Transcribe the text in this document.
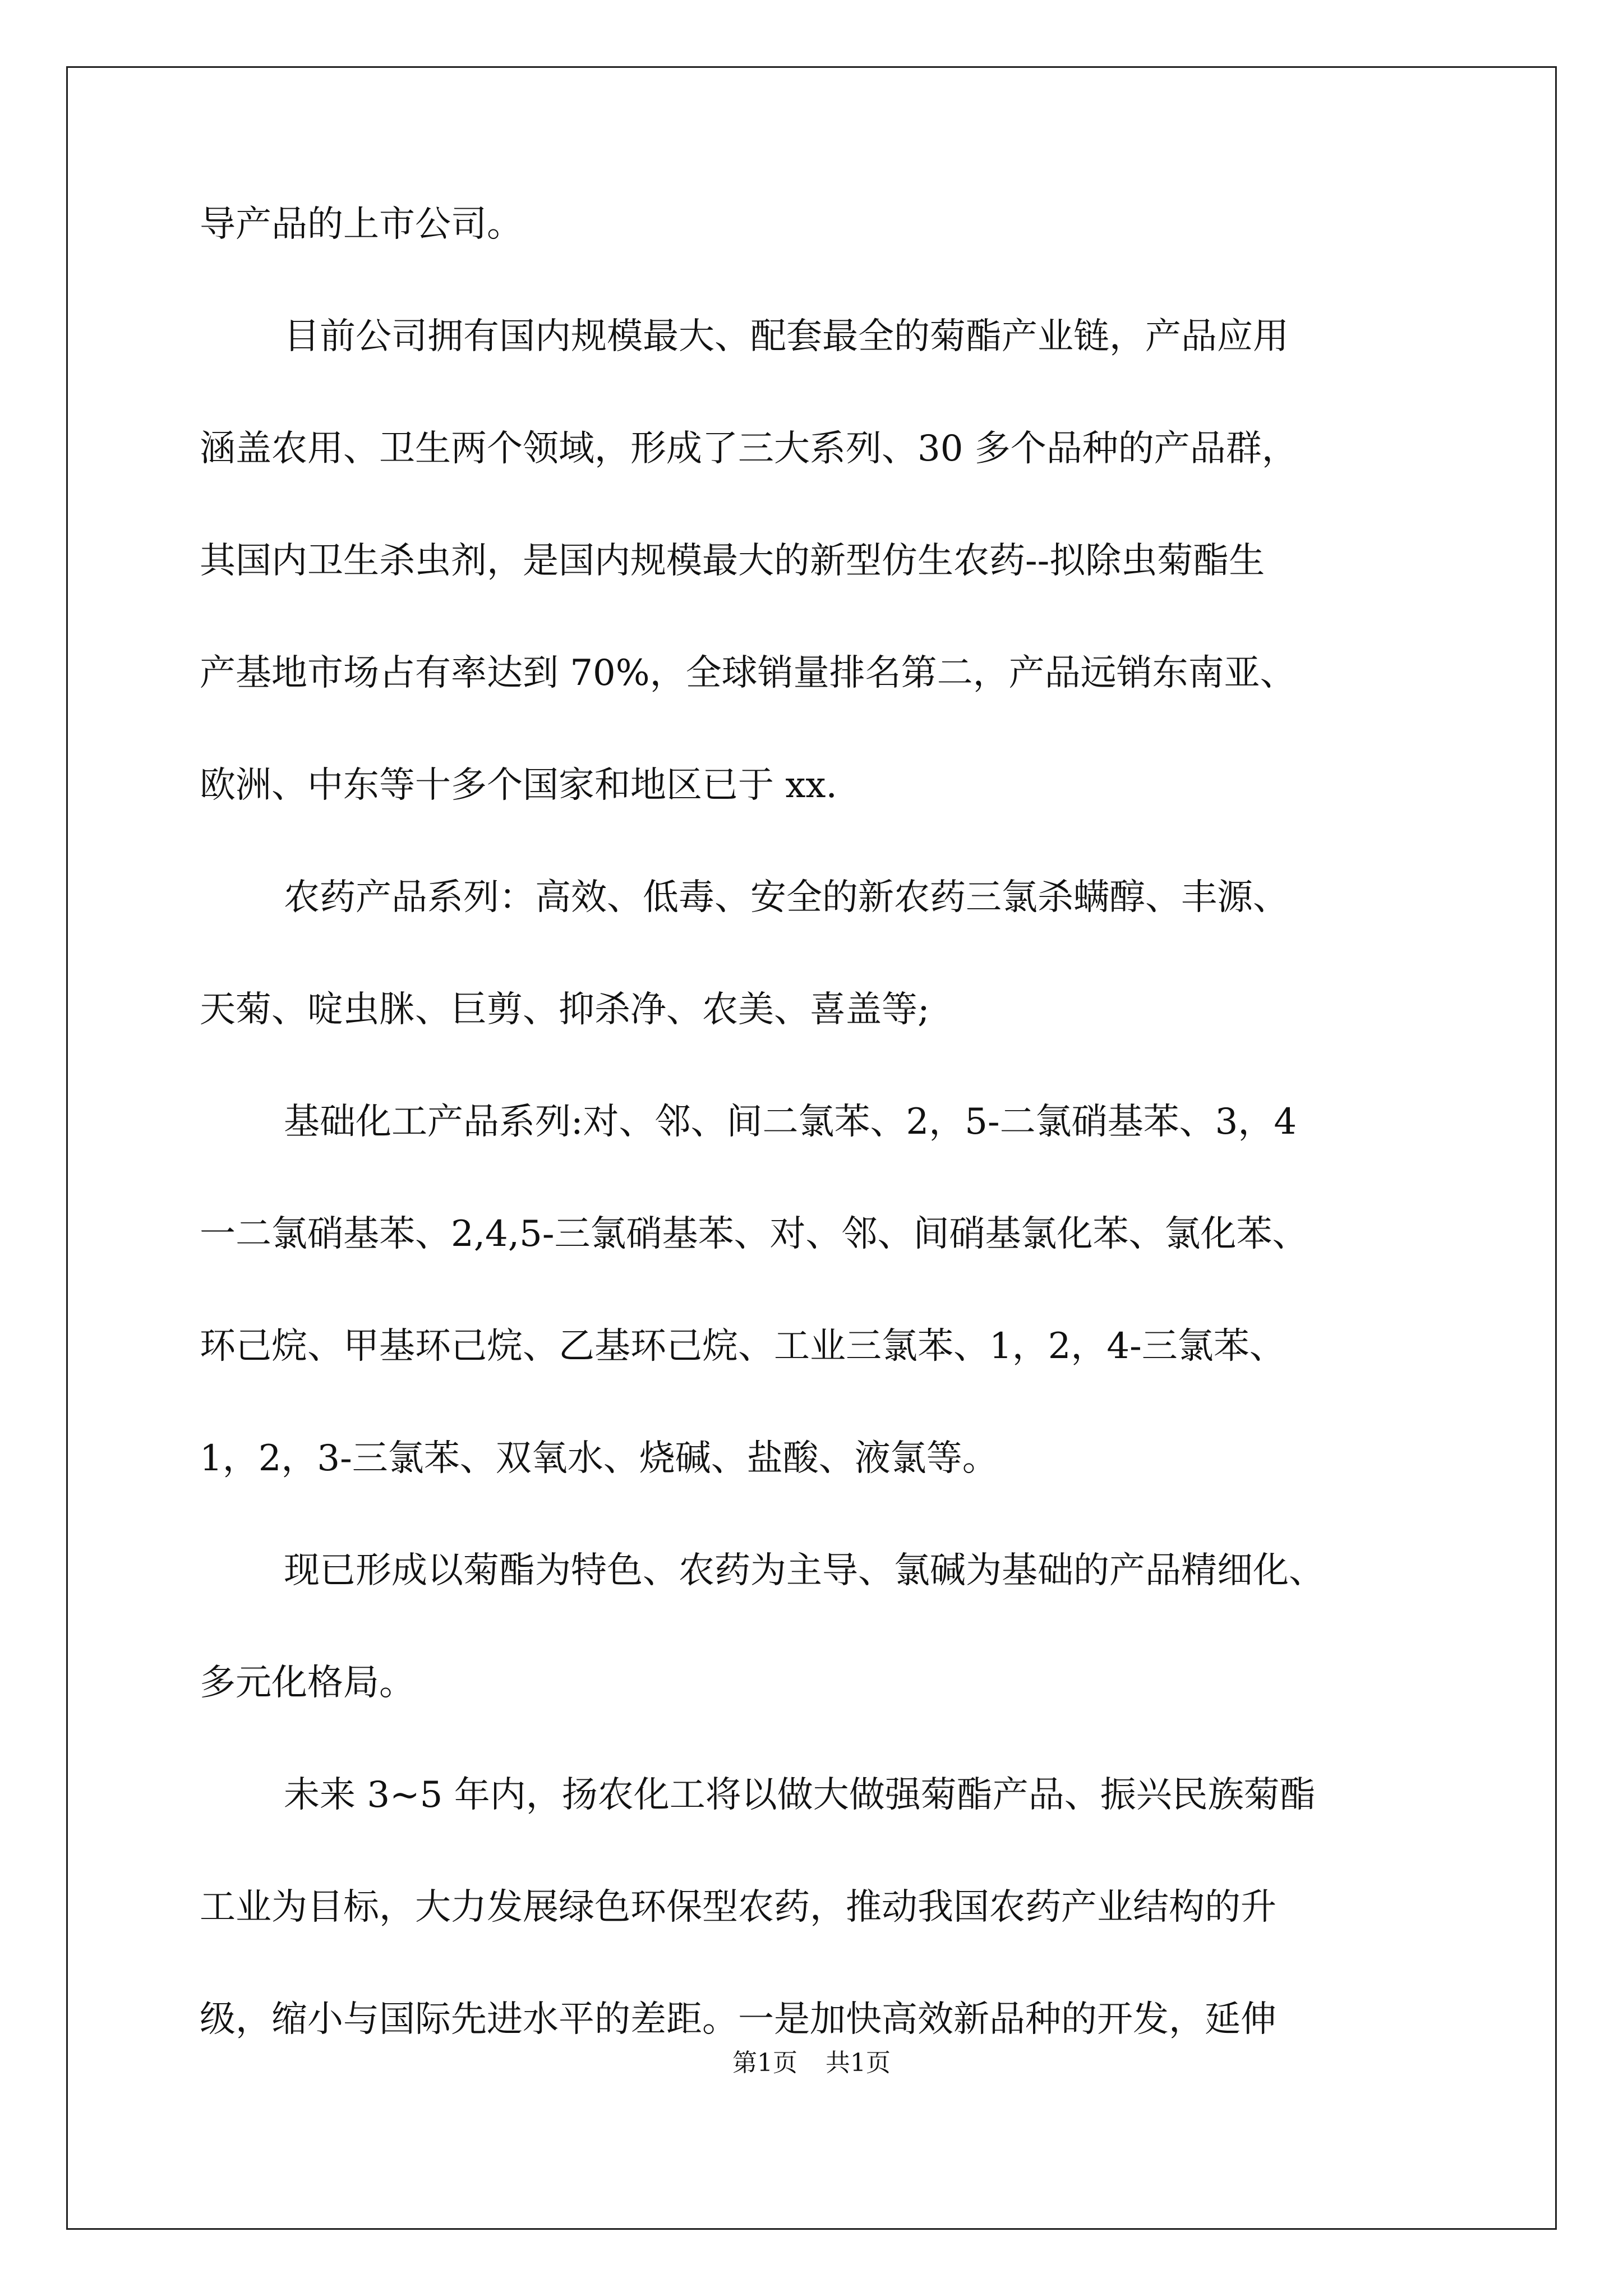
导产品的上市公司。
目前公司拥有国内规模最大、配套最全的菊酯产业链，产品应用
涵盖农用、卫生两个领域，形成了三大系列、30 多个品种的产品群，
其国内卫生杀虫剂，是国内规模最大的新型仿生农药--拟除虫菊酯生
产基地市场占有率达到 70%，全球销量排名第二，产品远销东南亚、
欧洲、中东等十多个国家和地区已于 xx.
农药产品系列：高效、低毒、安全的新农药三氯杀螨醇、丰源、
天菊、啶虫脒、巨剪、抑杀净、农美、喜盖等;
基础化工产品系列:对、邻、间二氯苯、2，5-二氯硝基苯、3，4
一二氯硝基苯、2,4,5-三氯硝基苯、对、邻、间硝基氯化苯、氯化苯、
环己烷、甲基环己烷、乙基环己烷、工业三氯苯、1，2，4-三氯苯、
1，2，3-三氯苯、双氧水、烧碱、盐酸、液氯等。
现已形成以菊酯为特色、农药为主导、氯碱为基础的产品精细化、
多元化格局。
未来 3~5 年内，扬农化工将以做大做强菊酯产品、振兴民族菊酯
工业为目标，大力发展绿色环保型农药，推动我国农药产业结构的升
级，缩小与国际先进水平的差距。一是加快高效新品种的开发，延伸
第1页 共1页
